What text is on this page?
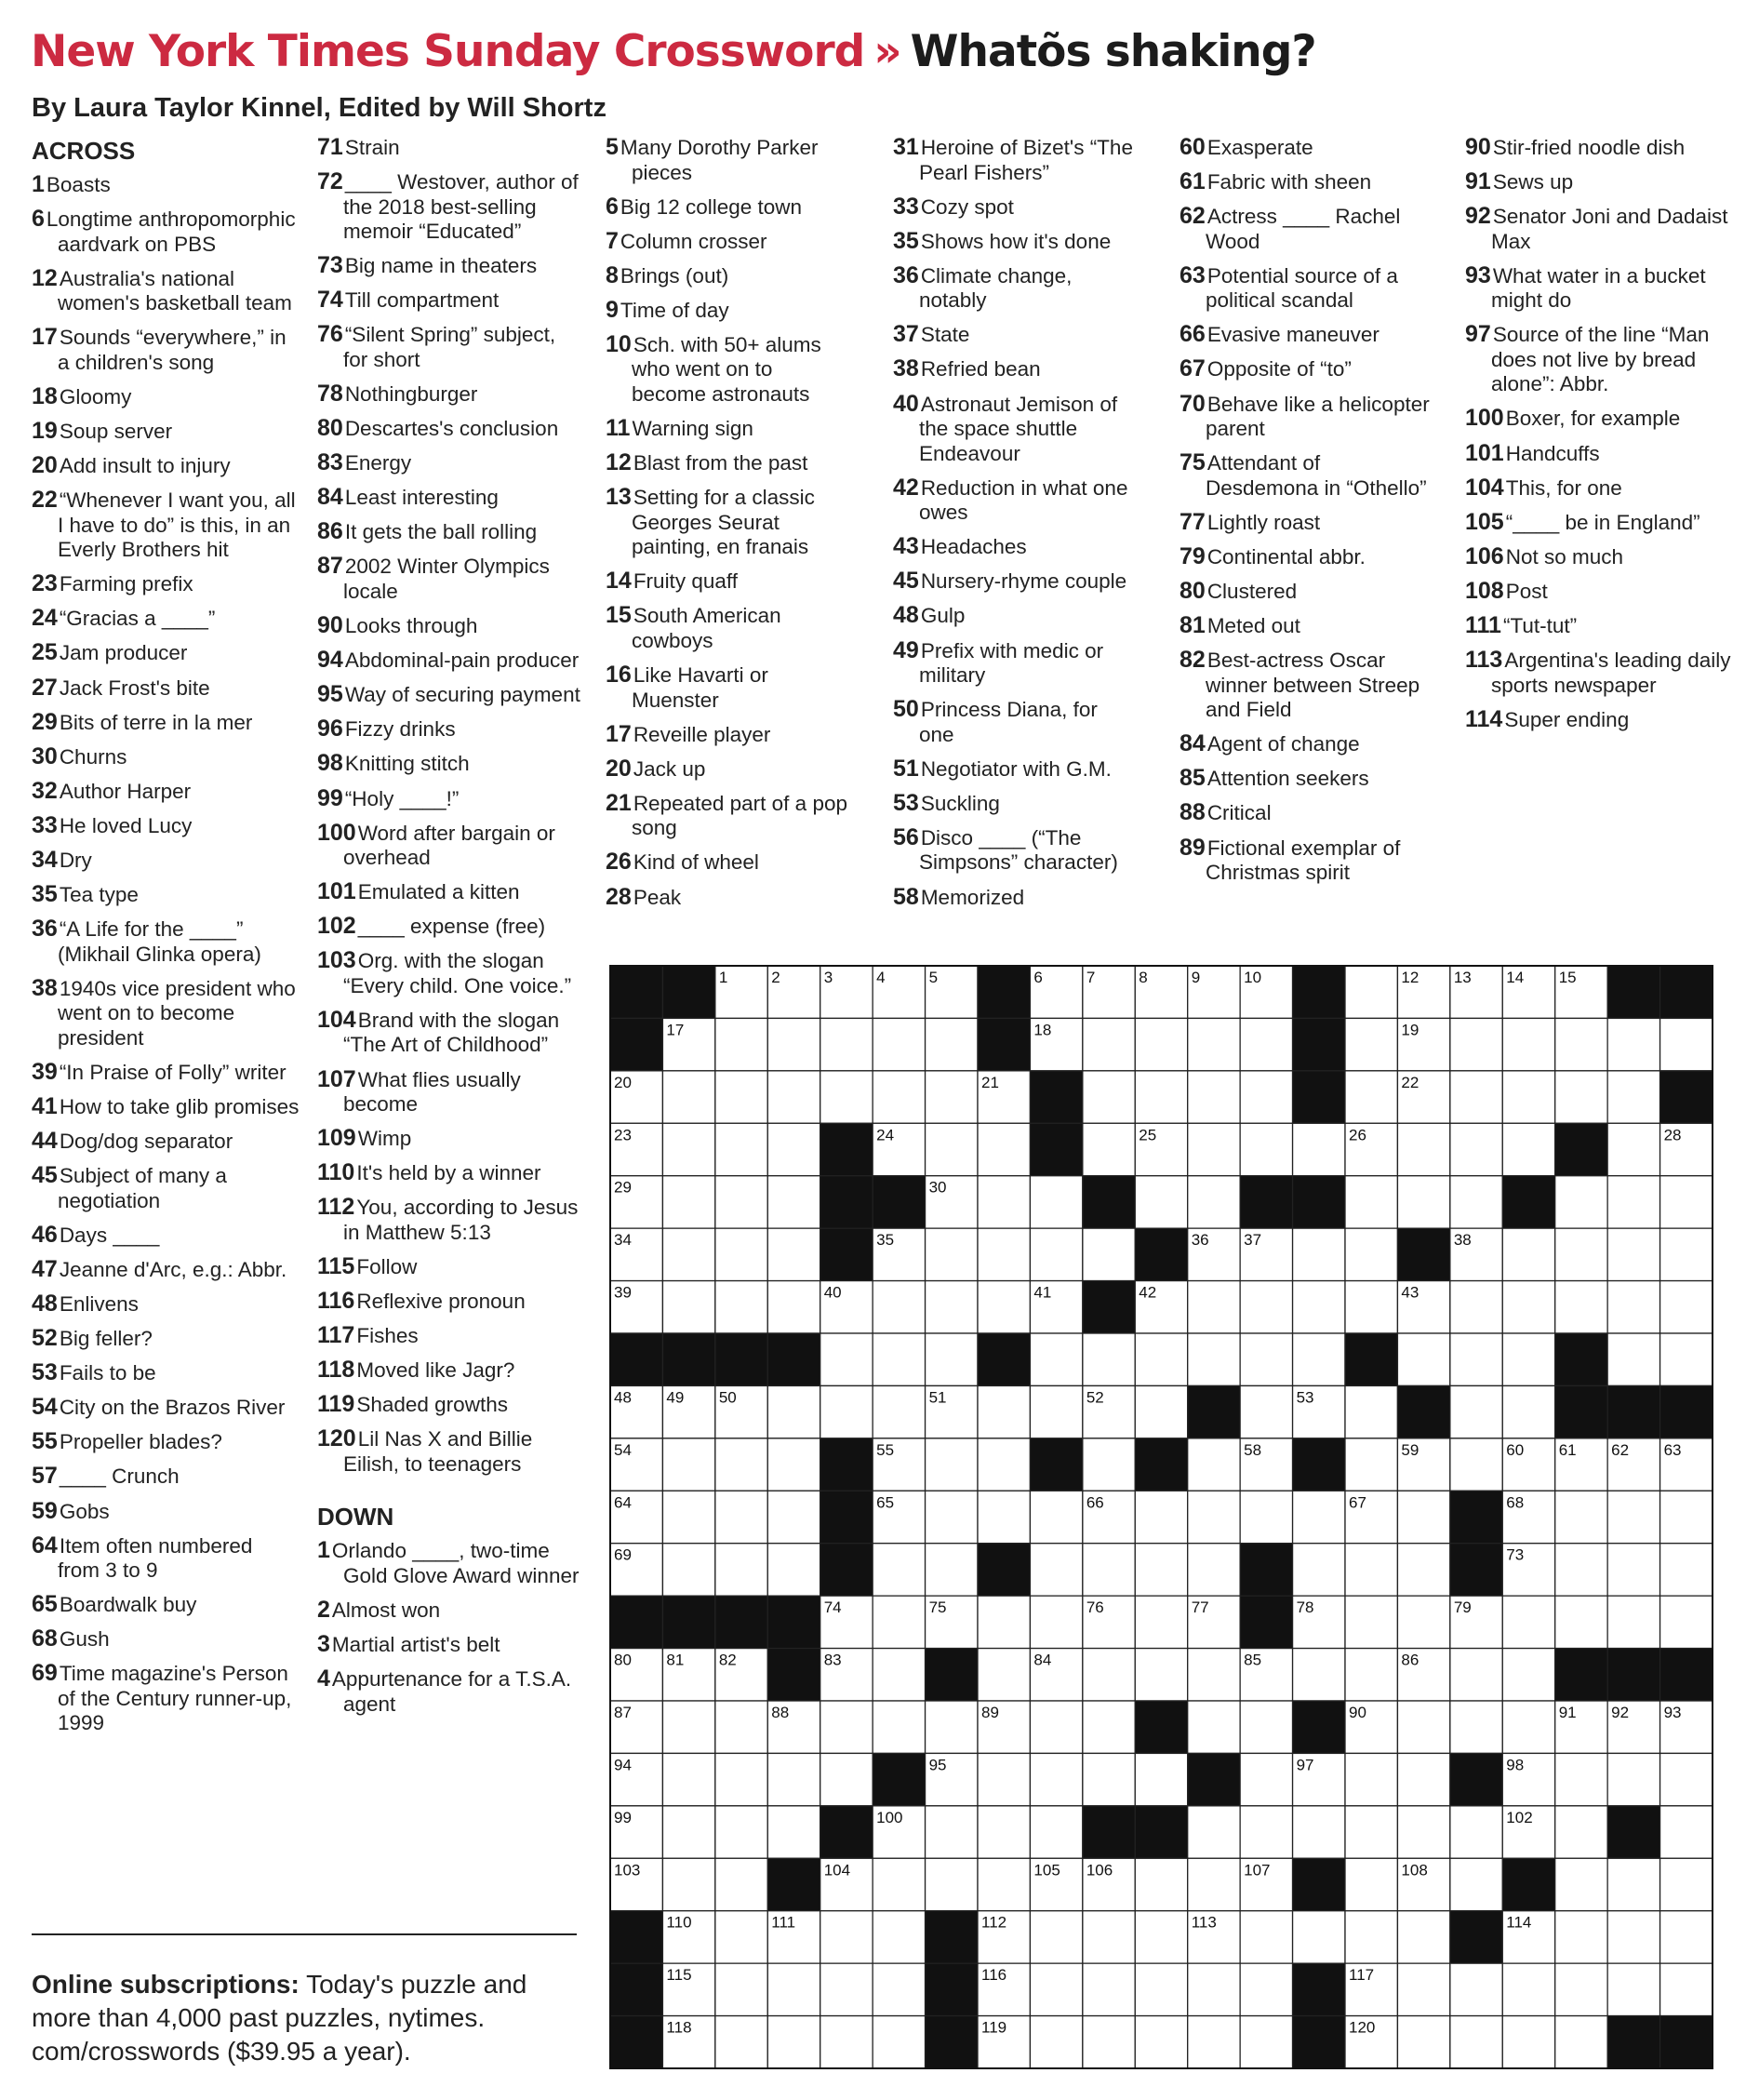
New York Times Sunday Crossword » Whatõs shaking?
By Laura Taylor Kinnel, Edited by Will Shortz
ACROSS
1Boasts
6Longtime anthropomorphic aardvark on PBS
12Australia's national women's basketball team
17Sounds “everywhere,” in a children's song
18Gloomy
19Soup server
20Add insult to injury
22“Whenever I want you, all I have to do” is this, in an Everly Brothers hit
23Farming prefix
24“Gracias a ____”
25Jam producer
27Jack Frost's bite
29Bits of terre in la mer
30Churns
32Author Harper
33He loved Lucy
34Dry
35Tea type
36“A Life for the ____” (Mikhail Glinka opera)
381940s vice president who went on to become president
39“In Praise of Folly” writer
41How to take glib promises
44Dog/dog separator
45Subject of many a negotiation
46Days ____
47Jeanne d'Arc, e.g.: Abbr.
48Enlivens
52Big feller?
53Fails to be
54City on the Brazos River
55Propeller blades?
57____ Crunch
59Gobs
64Item often numbered from 3 to 9
65Boardwalk buy
68Gush
69Time magazine's Person of the Century runner-up, 1999
71Strain
72____ Westover, author of the 2018 best-selling memoir “Educated”
73Big name in theaters
74Till compartment
76“Silent Spring” subject, for short
78Nothingburger
80Descartes's conclusion
83Energy
84Least interesting
86It gets the ball rolling
872002 Winter Olympics locale
90Looks through
94Abdominal-pain producer
95Way of securing payment
96Fizzy drinks
98Knitting stitch
99“Holy ____!”
100Word after bargain or overhead
101Emulated a kitten
102____ expense (free)
103Org. with the slogan “Every child. One voice.”
104Brand with the slogan “The Art of Childhood”
107What flies usually become
109Wimp
110It's held by a winner
112You, according to Jesus in Matthew 5:13
115Follow
116Reflexive pronoun
117Fishes
118Moved like Jagr?
119Shaded growths
120Lil Nas X and Billie Eilish, to teenagers
DOWN
1Orlando ____, two-time Gold Glove Award winner
2Almost won
3Martial artist's belt
4Appurtenance for a T.S.A. agent
5Many Dorothy Parker pieces
6Big 12 college town
7Column crosser
8Brings (out)
9Time of day
10Sch. with 50+ alums who went on to become astronauts
11Warning sign
12Blast from the past
13Setting for a classic Georges Seurat painting, en franais
14Fruity quaff
15South American cowboys
16Like Havarti or Muenster
17Reveille player
20Jack up
21Repeated part of a pop song
26Kind of wheel
28Peak
31Heroine of Bizet's “The Pearl Fishers”
33Cozy spot
35Shows how it's done
36Climate change, notably
37State
38Refried bean
40Astronaut Jemison of the space shuttle Endeavour
42Reduction in what one owes
43Headaches
45Nursery-rhyme couple
48Gulp
49Prefix with medic or military
50Princess Diana, for one
51Negotiator with G.M.
53Suckling
56Disco ____ (“The Simpsons” character)
58Memorized
60Exasperate
61Fabric with sheen
62Actress ____ Rachel Wood
63Potential source of a political scandal
66Evasive maneuver
67Opposite of “to”
70Behave like a helicopter parent
75Attendant of Desdemona in “Othello”
77Lightly roast
79Continental abbr.
80Clustered
81Meted out
82Best-actress Oscar winner between Streep and Field
84Agent of change
85Attention seekers
88Critical
89Fictional exemplar of Christmas spirit
90Stir-fried noodle dish
91Sews up
92Senator Joni and Dadaist Max
93What water in a bucket might do
97Source of the line “Man does not live by bread alone”: Abbr.
100Boxer, for example
101Handcuffs
104This, for one
105“____ be in England”
106Not so much
108Post
111“Tut-tut”
113Argentina's leading daily sports newspaper
114Super ending
Online subscriptions: Today's puzzle and more than 4,000 past puzzles, nytimes. com/crosswords ($39.95 a year).
1	2	3	4	5	6	7	8	9	10	12 13 14 15
17	18	19
20	21	22
23	24	25	26	28
29	30
34	35	36 37	38
39	40	41	42	43
48 49 50	51	52	53
54	55	58	59	60 61 62 63
64	65	66	67	68
69	73
74	75	76	77	78	79
80 81 82	83	84	85	86
87	88	89	90	91 92 93
94	95	97	98
99	100	102
103	104	105 106	107	108
110	111	112	113	114
115	116	117
118	119	120
